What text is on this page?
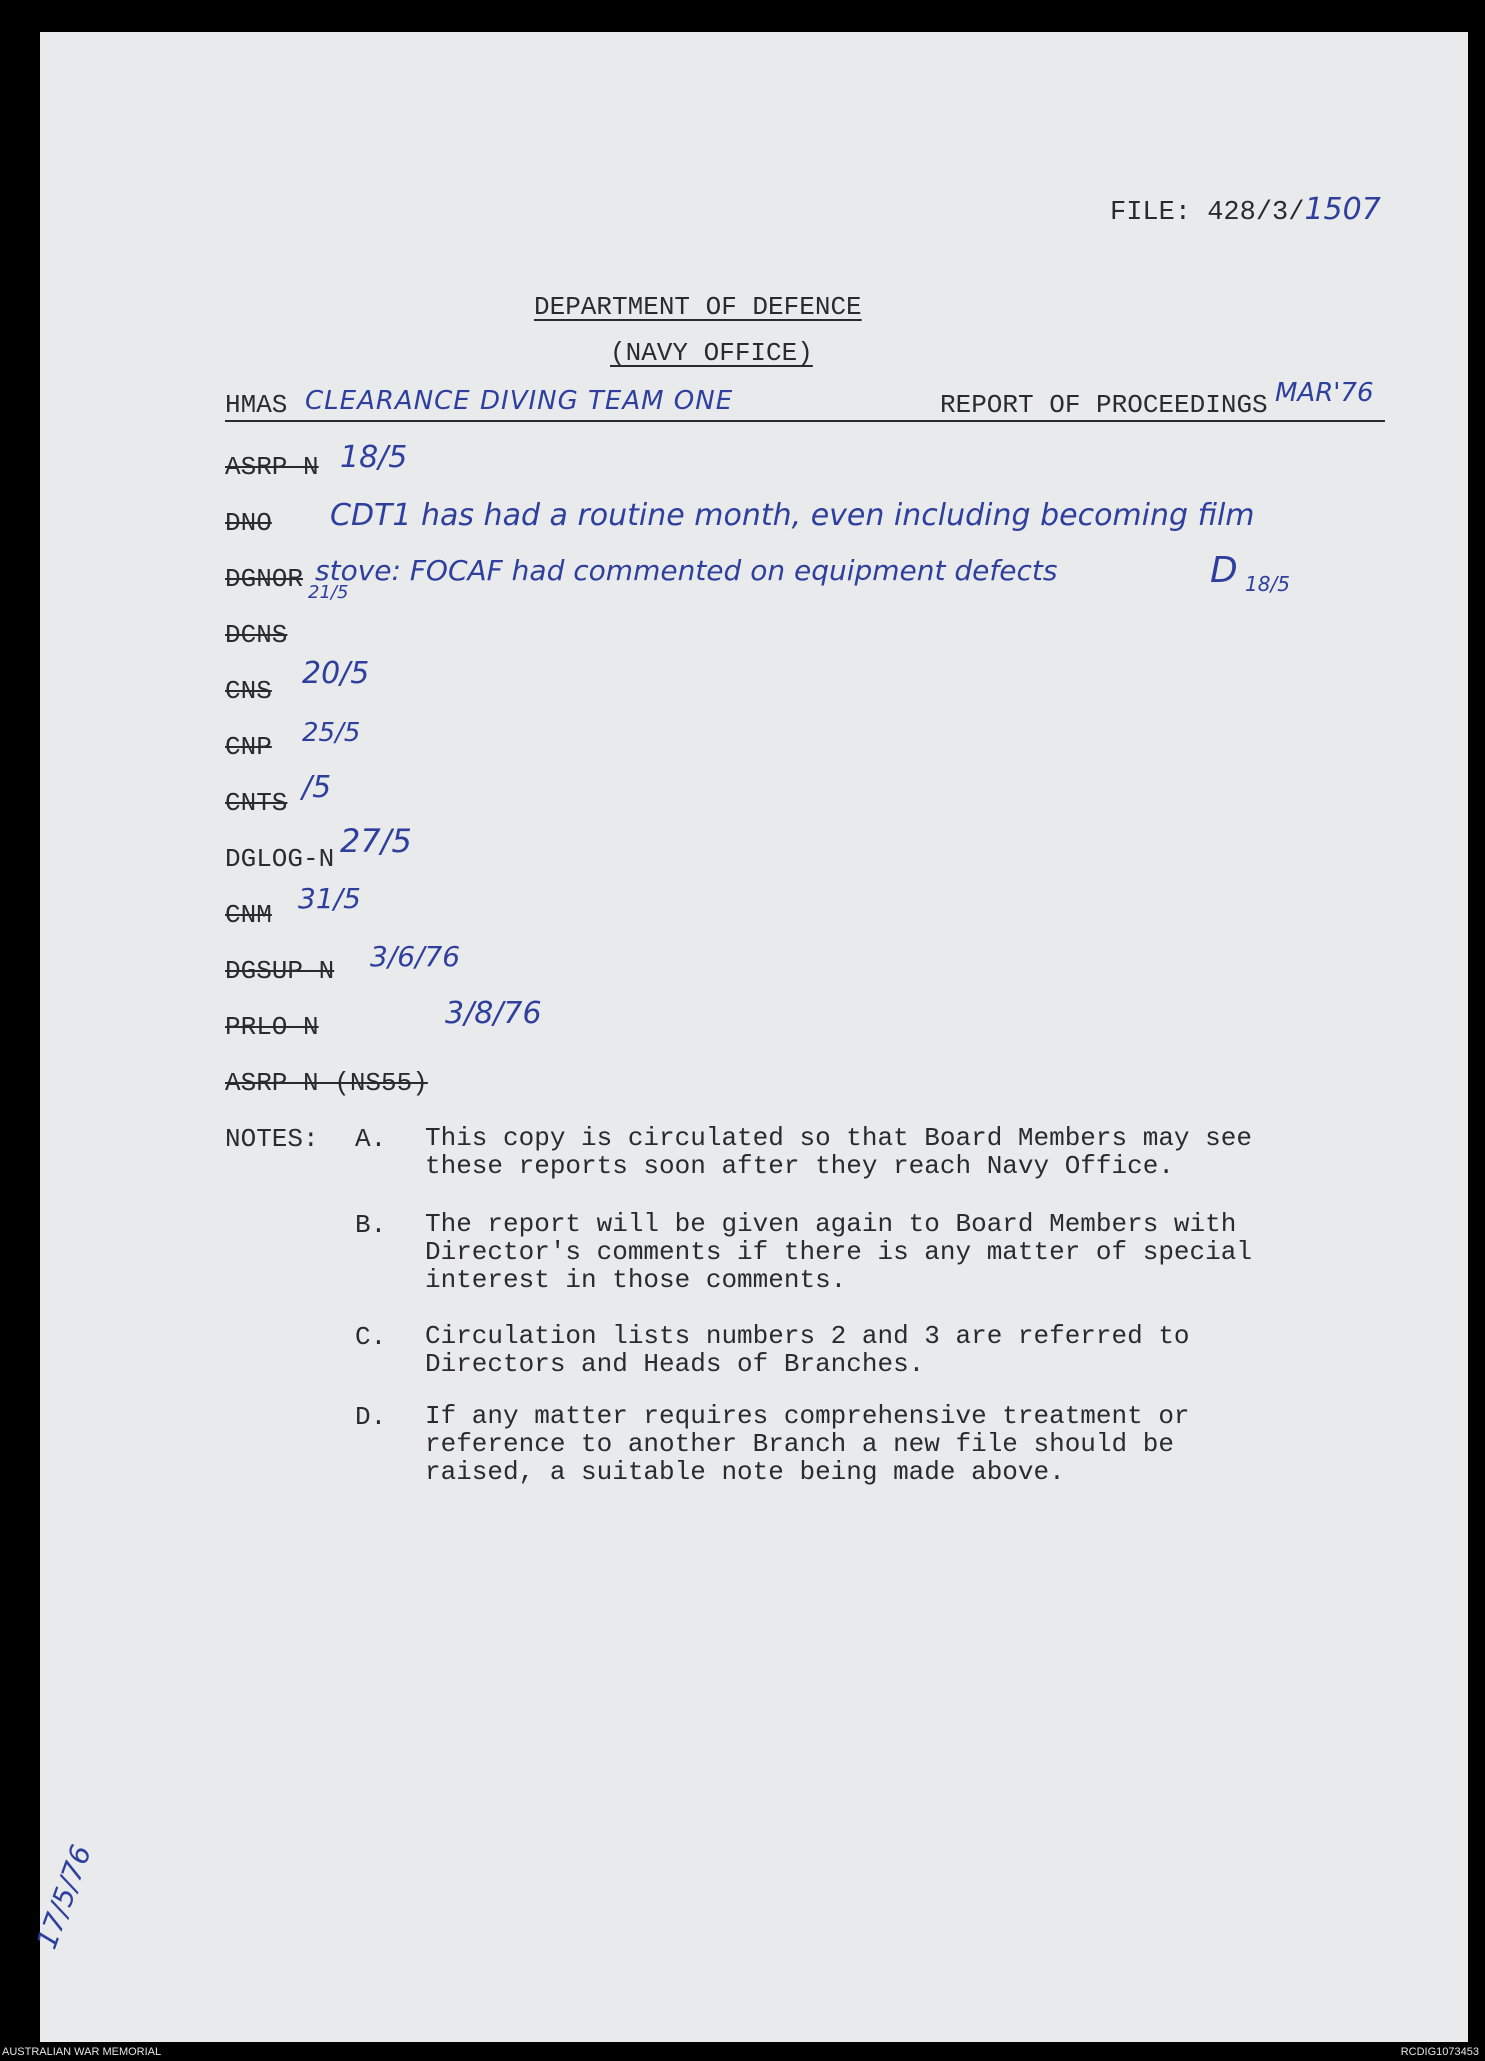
FILE: 428/3/1507
DEPARTMENT OF DEFENCE
(NAVY OFFICE)
HMAS CLEARANCE DIVING TEAM ONE	REPORT OF PROCEEDINGS MAR'76
ASRP-N 18/5
DNO
DGNOR 21/5
DCNS
CNS 20/5
CNP 25/5
CNTS /5
DGLOG-N 27/5
CNM 31/5
DGSUP-N 3/6/76
PRLO-N	3/8/76
ASRP-N (NS55)
CDT1 has had a routine month, even including becoming film
stove: FOCAF had commented on equipment defects	D 18/5
NOTES: A. This copy is circulated so that Board Members may see
these reports soon after they reach Navy Office.
B. The report will be given again to Board Members with
Director's comments if there is any matter of special
interest in those comments.
C. Circulation lists numbers 2 and 3 are referred to
Directors and Heads of Branches.
D. If any matter requires comprehensive treatment or
reference to another Branch a new file should be
raised, a suitable note being made above.
17/5/76
AUSTRALIAN WAR MEMORIAL	RCDIG1073453
